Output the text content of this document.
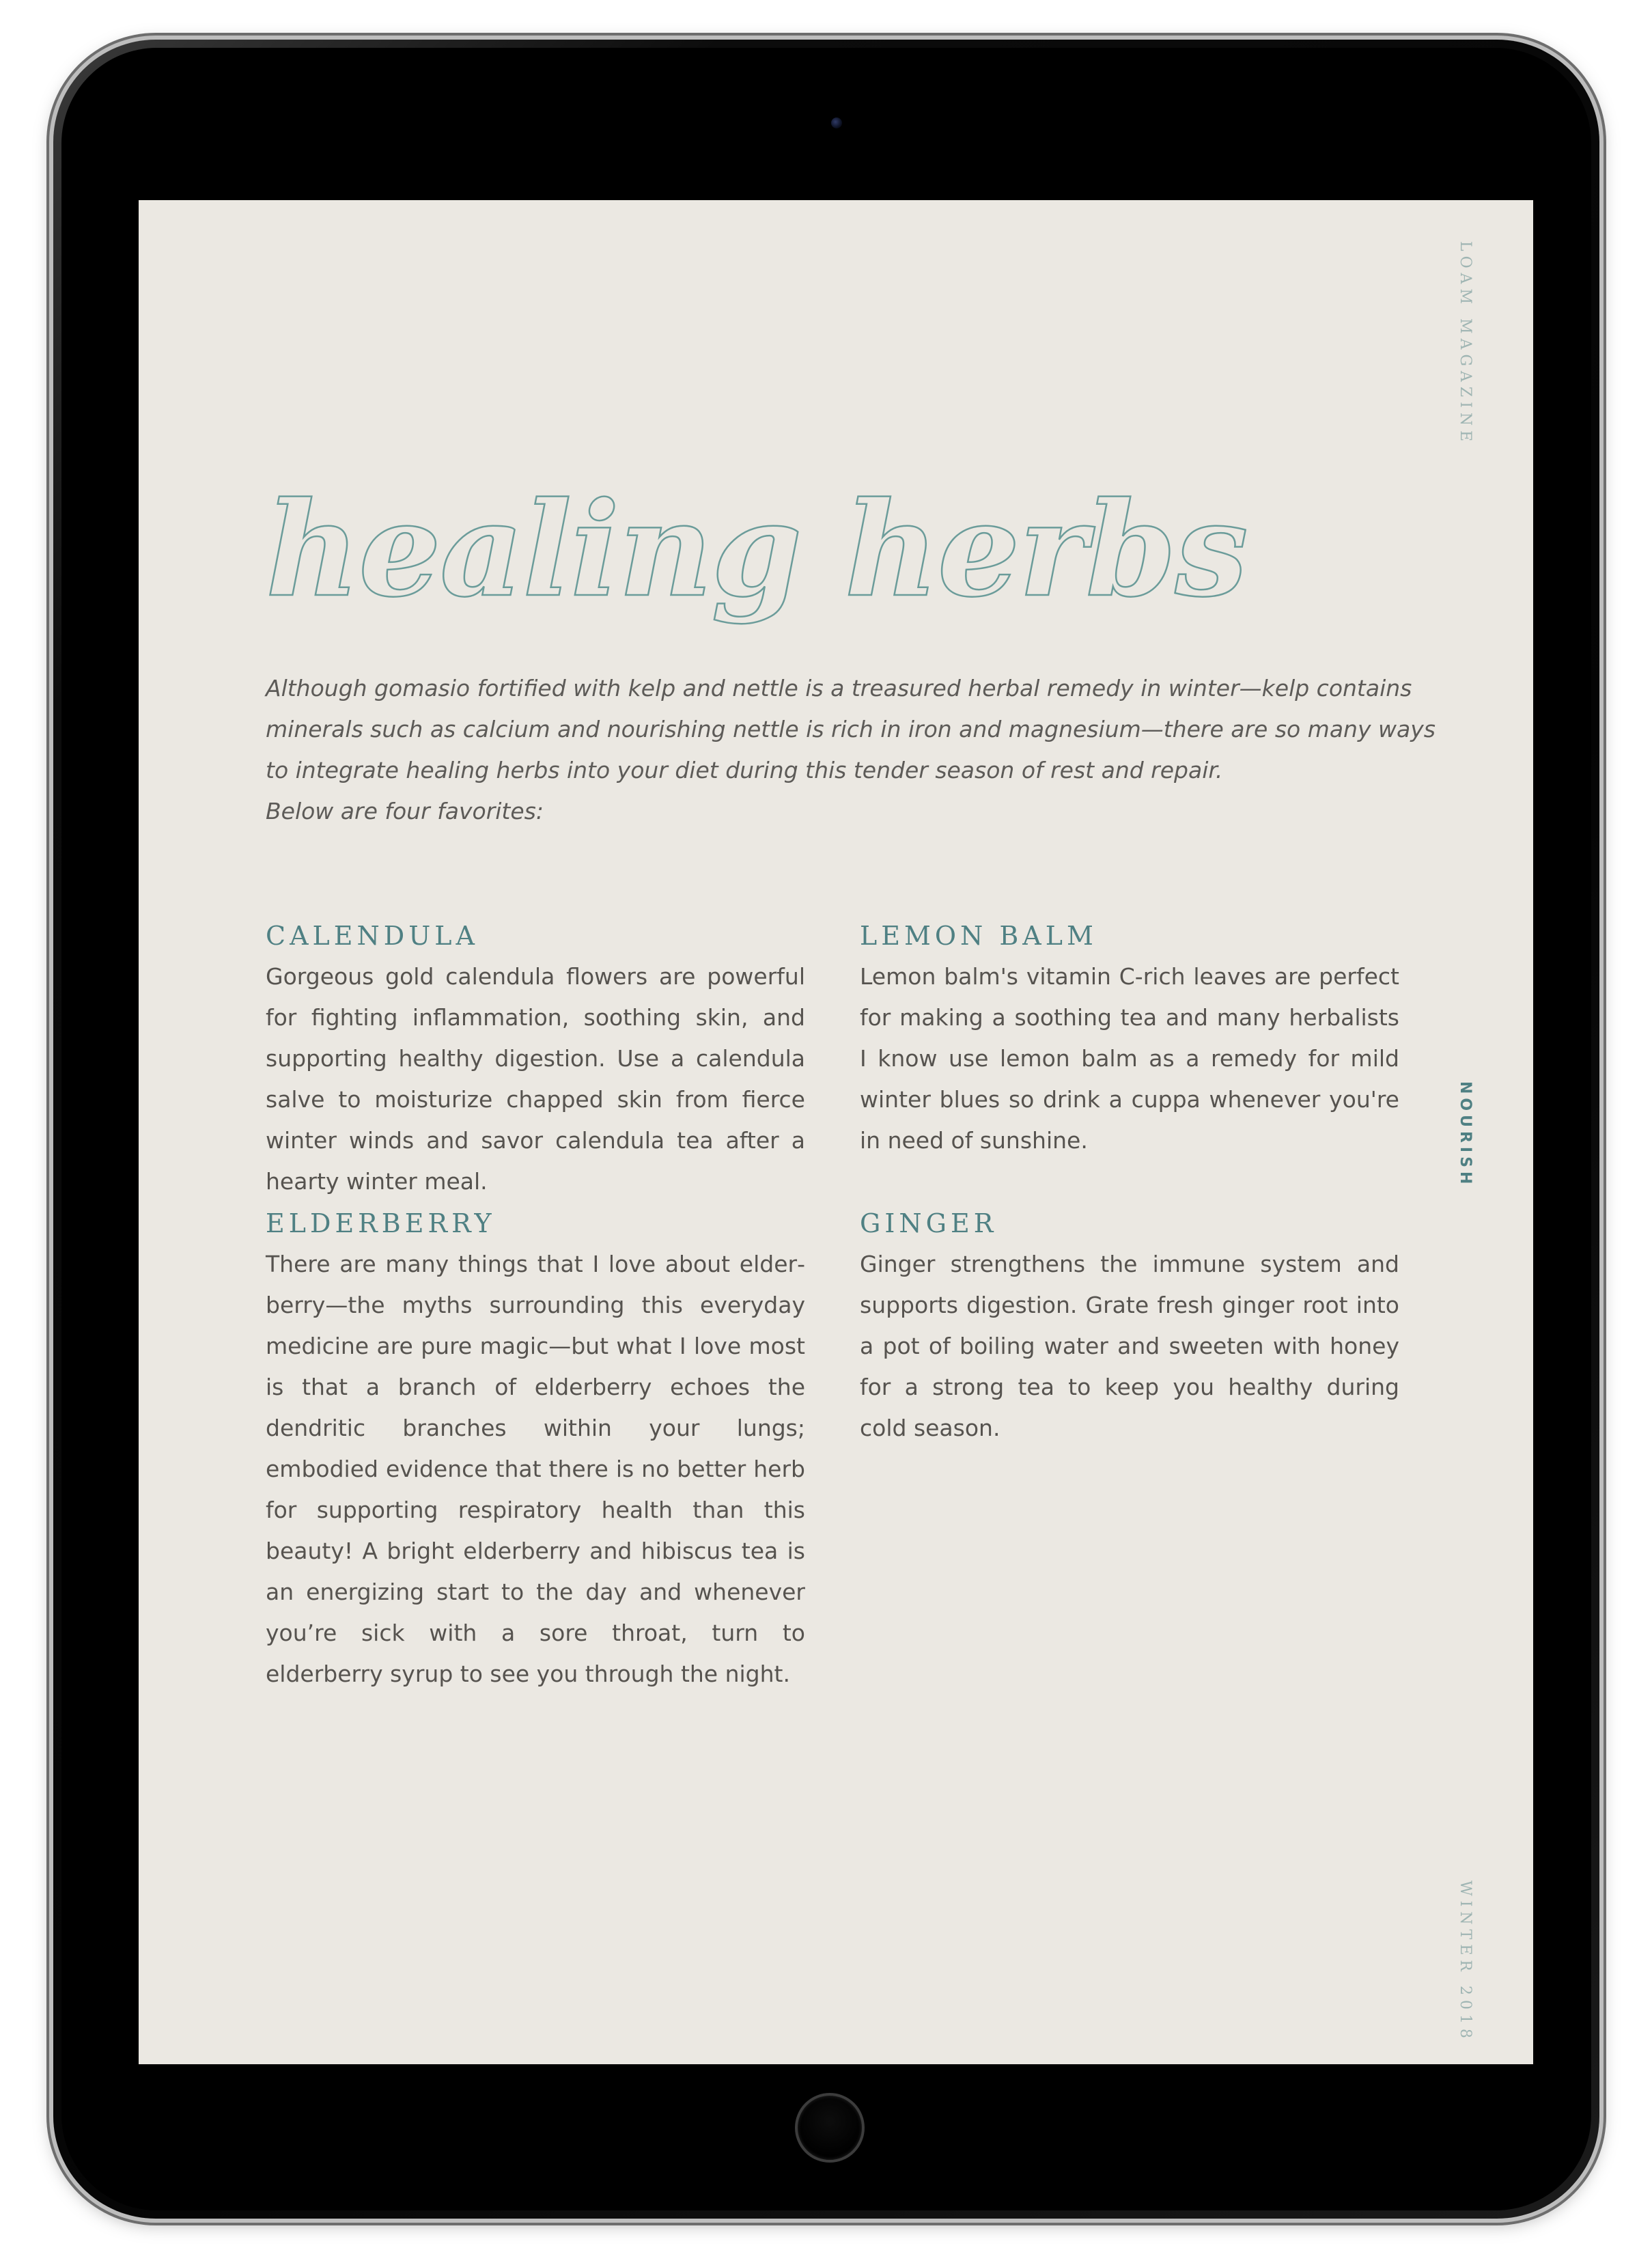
LOAM MAGAZINE
NOURISH
WINTER 2018
healing herbs
Although gomasio fortified with kelp and nettle is a treasured herbal remedy in winter—kelp contains
minerals such as calcium and nourishing nettle is rich in iron and magnesium—there are so many ways
to integrate healing herbs into your diet during this tender season of rest and repair.
Below are four favorites:
CALENDULA

Gorgeous gold calendula flowers are powerful for fighting inflammation, soothing skin, and supporting healthy digestion. Use a calendula salve to moisturize chapped skin from fierce winter winds and savor calendula tea after a hearty winter meal.

ELDERBERRY

There are many things that I love about elderberry—the myths surrounding this everyday medicine are pure magic—but what I love most is that a branch of elderberry echoes the dendritic branches within your lungs; embodied evidence that there is no better herb for supporting respiratory health than this beauty! A bright elderberry and hibiscus tea is an energizing start to the day and whenever you’re sick with a sore throat, turn to elderberry syrup to see you through the night.

LEMON BALM

Lemon balm's vitamin C-rich leaves are perfect for making a soothing tea and many herbalists I know use lemon balm as a remedy for mild winter blues so drink a cuppa whenever you're in need of sunshine.

GINGER

Ginger strengthens the immune system and supports digestion. Grate fresh ginger root into a pot of boiling water and sweeten with honey for a strong tea to keep you healthy during cold season.
